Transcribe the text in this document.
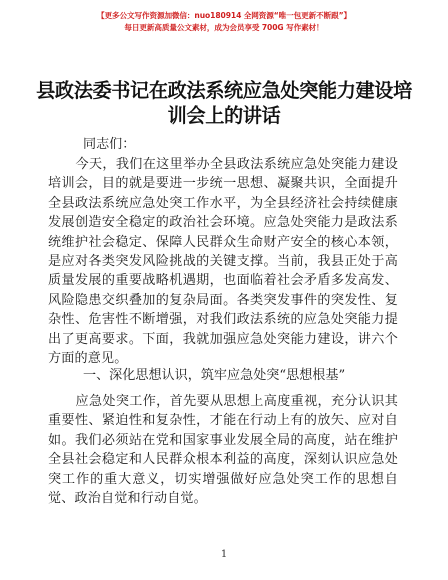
【更多公文写作资源加微信：nuo180914 全网资源“唯一包更新不断跟”】
每日更新高质量公文素材，成为会员享受 700G 写作素材！
县政法委书记在政法系统应急处突能力建设培
训会上的讲话
同志们：

今天，我们在这里举办全县政法系统应急处突能力建设培训会，目的就是要进一步统一思想、凝聚共识，全面提升全县政法系统应急处突工作水平，为全县经济社会持续健康发展创造安全稳定的政治社会环境。应急处突能力是政法系统维护社会稳定、保障人民群众生命财产安全的核心本领，是应对各类突发风险挑战的关键支撑。当前，我县正处于高质量发展的重要战略机遇期，也面临着社会矛盾多发高发、风险隐患交织叠加的复杂局面。各类突发事件的突发性、复杂性、危害性不断增强，对我们政法系统的应急处突能力提出了更高要求。下面，我就加强应急处突能力建设，讲六个方面的意见。

一、深化思想认识，筑牢应急处突“思想根基”

应急处突工作，首先要从思想上高度重视，充分认识其重要性、紧迫性和复杂性，才能在行动上有的放矢、应对自如。我们必须站在党和国家事业发展全局的高度，站在维护全县社会稳定和人民群众根本利益的高度，深刻认识应急处突工作的重大意义，切实增强做好应急处突工作的思想自觉、政治自觉和行动自觉。

1
